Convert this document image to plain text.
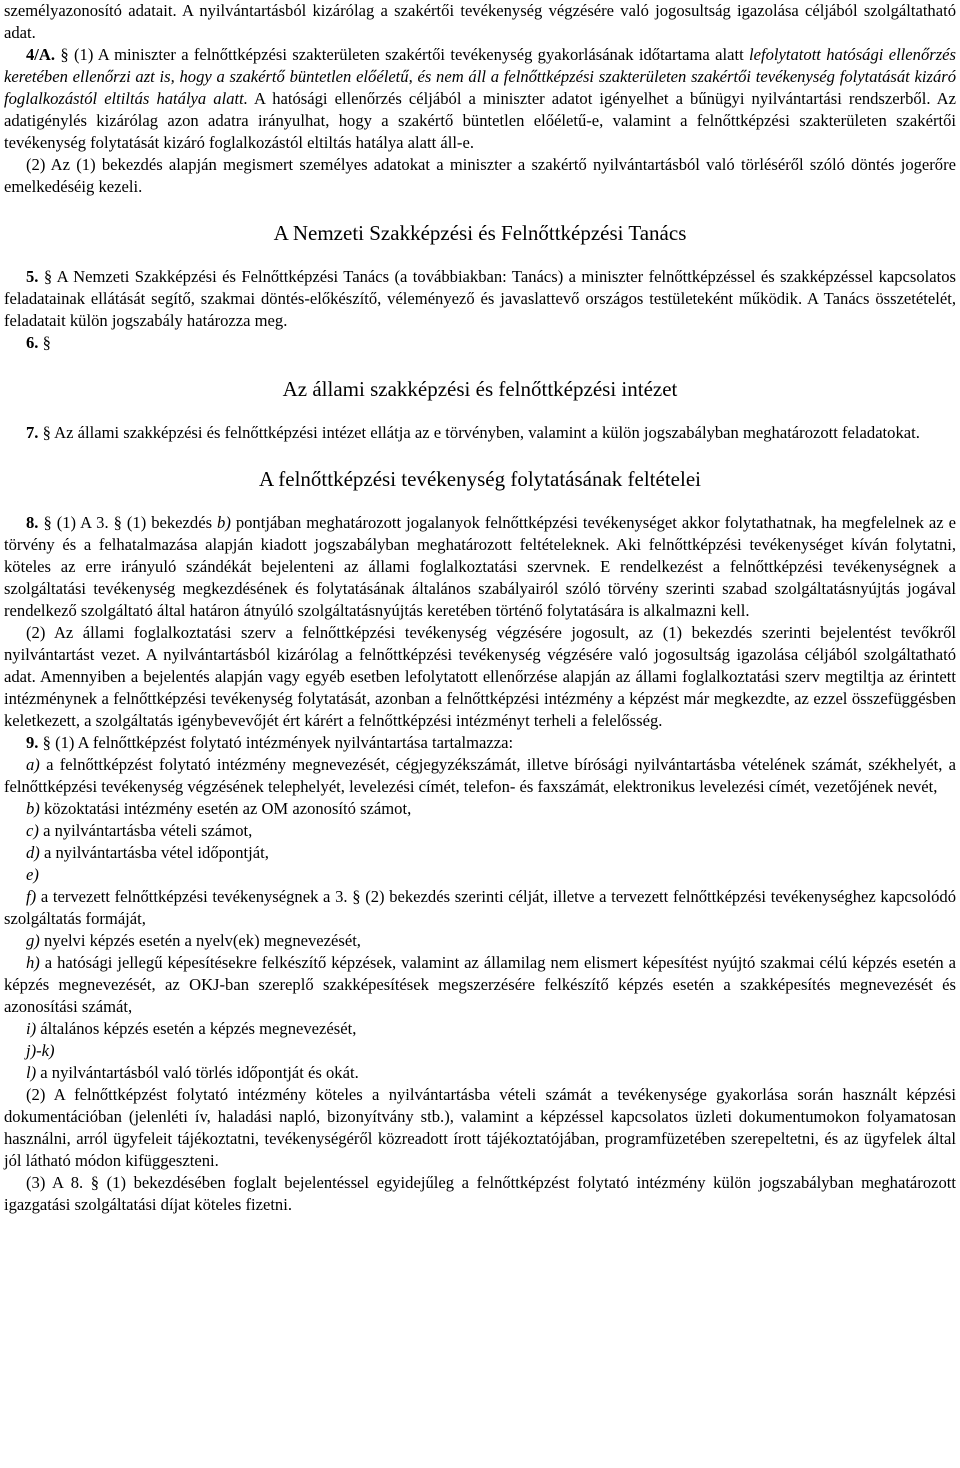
személyazonosító adatait. A nyilvántartásból kizárólag a szakértői tevékenység végzésére való jogosultság igazolása céljából szolgáltatható adat.

4/A. § (1) A miniszter a felnőttképzési szakterületen szakértői tevékenység gyakorlásának időtartama alatt lefolytatott hatósági ellenőrzés keretében ellenőrzi azt is, hogy a szakértő büntetlen előéletű, és nem áll a felnőttképzési szakterületen szakértői tevékenység folytatását kizáró foglalkozástól eltiltás hatálya alatt. A hatósági ellenőrzés céljából a miniszter adatot igényelhet a bűnügyi nyilvántartási rendszerből. Az adatigénylés kizárólag azon adatra irányulhat, hogy a szakértő büntetlen előéletű-e, valamint a felnőttképzési szakterületen szakértői tevékenység folytatását kizáró foglalkozástól eltiltás hatálya alatt áll-e.

(2) Az (1) bekezdés alapján megismert személyes adatokat a miniszter a szakértő nyilvántartásból való törléséről szóló döntés jogerőre emelkedéséig kezeli.

A Nemzeti Szakképzési és Felnőttképzési Tanács

5. § A Nemzeti Szakképzési és Felnőttképzési Tanács (a továbbiakban: Tanács) a miniszter felnőttképzéssel és szakképzéssel kapcsolatos feladatainak ellátását segítő, szakmai döntés-előkészítő, véleményező és javaslattevő országos testületeként működik. A Tanács összetételét, feladatait külön jogszabály határozza meg.

6. §

Az állami szakképzési és felnőttképzési intézet

7. § Az állami szakképzési és felnőttképzési intézet ellátja az e törvényben, valamint a külön jogszabályban meghatározott feladatokat.

A felnőttképzési tevékenység folytatásának feltételei

8. § (1) A 3. § (1) bekezdés b) pontjában meghatározott jogalanyok felnőttképzési tevékenységet akkor folytathatnak, ha megfelelnek az e törvény és a felhatalmazása alapján kiadott jogszabályban meghatározott feltételeknek. Aki felnőttképzési tevékenységet kíván folytatni, köteles az erre irányuló szándékát bejelenteni az állami foglalkoztatási szervnek. E rendelkezést a felnőttképzési tevékenységnek a szolgáltatási tevékenység megkezdésének és folytatásának általános szabályairól szóló törvény szerinti szabad szolgáltatásnyújtás jogával rendelkező szolgáltató által határon átnyúló szolgáltatásnyújtás keretében történő folytatására is alkalmazni kell.

(2) Az állami foglalkoztatási szerv a felnőttképzési tevékenység végzésére jogosult, az (1) bekezdés szerinti bejelentést tevőkről nyilvántartást vezet. A nyilvántartásból kizárólag a felnőttképzési tevékenység végzésére való jogosultság igazolása céljából szolgáltatható adat. Amennyiben a bejelentés alapján vagy egyéb esetben lefolytatott ellenőrzése alapján az állami foglalkoztatási szerv megtiltja az érintett intézménynek a felnőttképzési tevékenység folytatását, azonban a felnőttképzési intézmény a képzést már megkezdte, az ezzel összefüggésben keletkezett, a szolgáltatás igénybevevőjét ért kárért a felnőttképzési intézményt terheli a felelősség.

9. § (1) A felnőttképzést folytató intézmények nyilvántartása tartalmazza:

a) a felnőttképzést folytató intézmény megnevezését, cégjegyzékszámát, illetve bírósági nyilvántartásba vételének számát, székhelyét, a felnőttképzési tevékenység végzésének telephelyét, levelezési címét, telefon- és faxszámát, elektronikus levelezési címét, vezetőjének nevét,

b) közoktatási intézmény esetén az OM azonosító számot,

c) a nyilvántartásba vételi számot,

d) a nyilvántartásba vétel időpontját,

e)

f) a tervezett felnőttképzési tevékenységnek a 3. § (2) bekezdés szerinti célját, illetve a tervezett felnőttképzési tevékenységhez kapcsolódó szolgáltatás formáját,

g) nyelvi képzés esetén a nyelv(ek) megnevezését,

h) a hatósági jellegű képesítésekre felkészítő képzések, valamint az államilag nem elismert képesítést nyújtó szakmai célú képzés esetén a képzés megnevezését, az OKJ-ban szereplő szakképesítések megszerzésére felkészítő képzés esetén a szakképesítés megnevezését és azonosítási számát,

i) általános képzés esetén a képzés megnevezését,

j)-k)

l) a nyilvántartásból való törlés időpontját és okát.

(2) A felnőttképzést folytató intézmény köteles a nyilvántartásba vételi számát a tevékenysége gyakorlása során használt képzési dokumentációban (jelenléti ív, haladási napló, bizonyítvány stb.), valamint a képzéssel kapcsolatos üzleti dokumentumokon folyamatosan használni, arról ügyfeleit tájékoztatni, tevékenységéről közreadott írott tájékoztatójában, programfüzetében szerepeltetni, és az ügyfelek által jól látható módon kifüggeszteni.

(3) A 8. § (1) bekezdésében foglalt bejelentéssel egyidejűleg a felnőttképzést folytató intézmény külön jogszabályban meghatározott igazgatási szolgáltatási díjat köteles fizetni.
